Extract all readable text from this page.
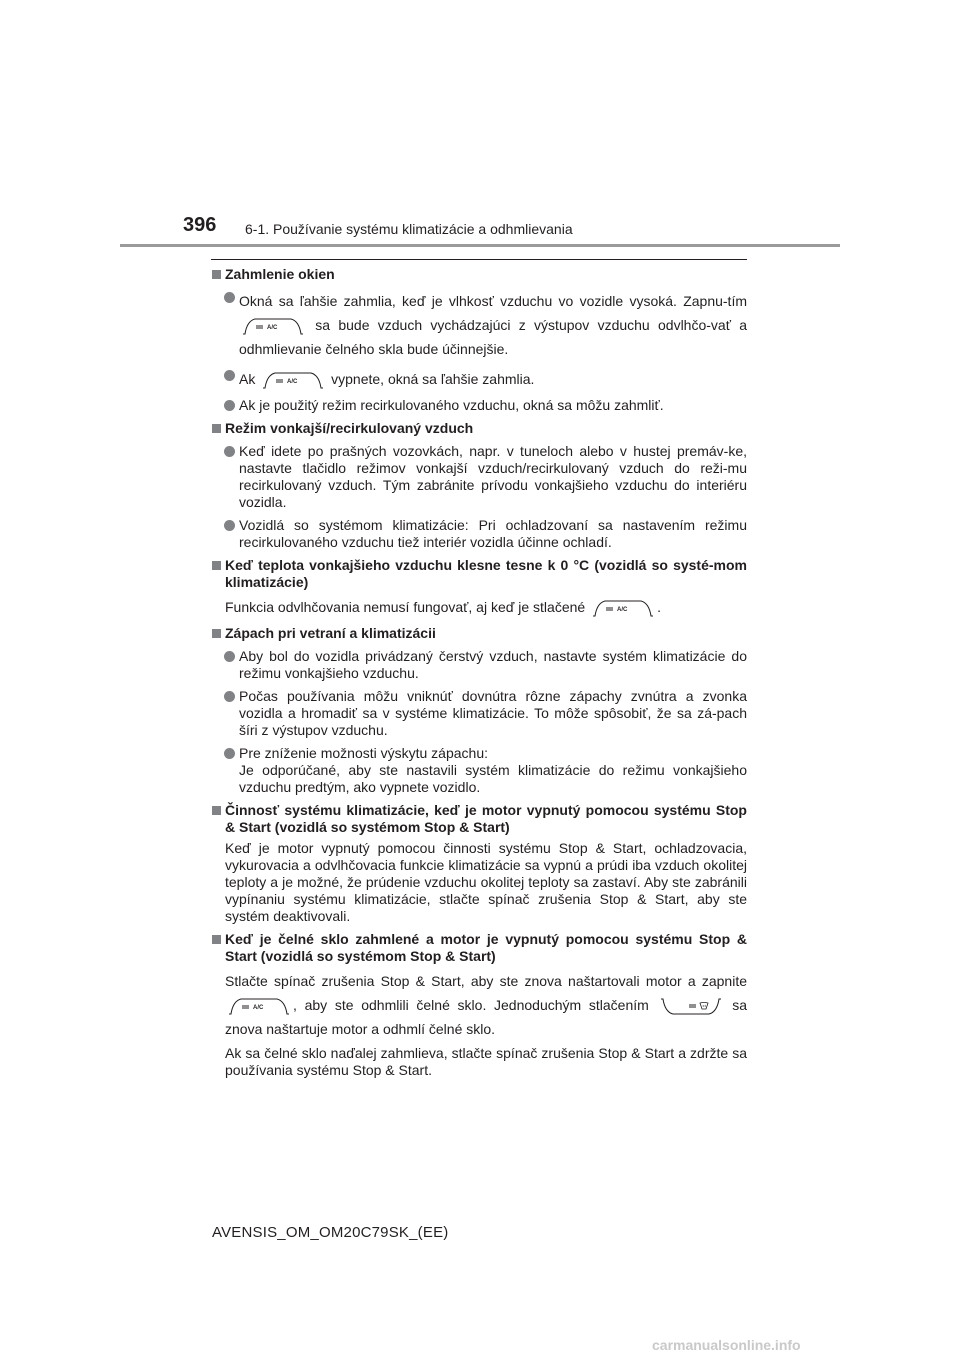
396 6-1. Používanie systému klimatizácie a odhmlievania
Zahmlenie okien
Okná sa ľahšie zahmlia, keď je vlhkosť vzduchu vo vozidle vysoká. Zapnu-tím
A/C	sa bude vzduch vychádzajúci z výstupov vzduchu odvlhčo-vať a odhmlievanie čelného skla bude účinnejšie.
Ak	A/C vypnete, okná sa ľahšie zahmlia.
Ak je použitý režim recirkulovaného vzduchu, okná sa môžu zahmliť.
Režim vonkajší/recirkulovaný vzduch
Keď idete po prašných vozovkách, napr. v tuneloch alebo v hustej premáv-ke, nastavte tlačidlo režimov vonkajší vzduch/recirkulovaný vzduch do reži-mu recirkulovaný vzduch. Tým zabránite prívodu vonkajšieho vzduchu do interiéru vozidla.
Vozidlá so systémom klimatizácie: Pri ochladzovaní sa nastavením režimu recirkulovaného vzduchu tiež interiér vozidla účinne ochladí.
Keď teplota vonkajšieho vzduchu klesne tesne k 0 °C (vozidlá so systé-mom klimatizácie)
Funkcia odvlhčovania nemusí fungovať, aj keď je stlačené	A/C .
Zápach pri vetraní a klimatizácii
Aby bol do vozidla privádzaný čerstvý vzduch, nastavte systém klimatizácie do režimu vonkajšieho vzduchu.
Počas používania môžu vniknúť dovnútra rôzne zápachy zvnútra a zvonka vozidla a hromadiť sa v systéme klimatizácie. To môže spôsobiť, že sa zá-pach šíri z výstupov vzduchu.
Pre zníženie možnosti výskytu zápachu:
Je odporúčané, aby ste nastavili systém klimatizácie do režimu vonkajšieho vzduchu predtým, ako vypnete vozidlo.
Činnosť systému klimatizácie, keď je motor vypnutý pomocou systému Stop & Start (vozidlá so systémom Stop & Start)
Keď je motor vypnutý pomocou činnosti systému Stop & Start, ochladzovacia, vykurovacia a odvlhčovacia funkcie klimatizácie sa vypnú a prúdi iba vzduch okolitej teploty a je možné, že prúdenie vzduchu okolitej teploty sa zastaví. Aby ste zabránili vypínaniu systému klimatizácie, stlačte spínač zrušenia Stop & Start, aby ste systém deaktivovali.
Keď je čelné sklo zahmlené a motor je vypnutý pomocou systému Stop & Start (vozidlá so systémom Stop & Start)
Stlačte spínač zrušenia Stop & Start, aby ste znova naštartovali motor a zapnite
A/C , aby ste odhmlili čelné sklo. Jednoduchým stlačením	sa znova naštartuje motor a odhmlí čelné sklo.
Ak sa čelné sklo naďalej zahmlieva, stlačte spínač zrušenia Stop & Start a zdržte sa používania systému Stop & Start.
AVENSIS_OM_OM20C79SK_(EE)
carmanualsonline.info
